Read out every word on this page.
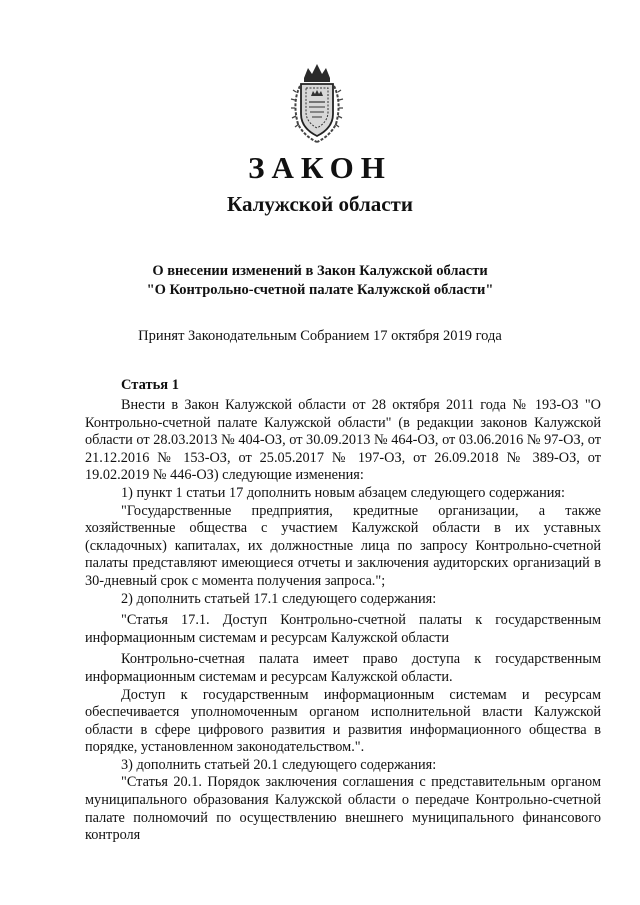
ЗАКОН
Калужской области
О внесении изменений в Закон Калужской области
"О Контрольно-счетной палате Калужской области"
Принят Законодательным Собранием 17 октября 2019 года
Статья 1

Внести в Закон Калужской области от 28 октября 2011 года № 193-ОЗ "О Контрольно-счетной палате Калужской области" (в редакции законов Калужской области от 28.03.2013 № 404-ОЗ, от 30.09.2013 № 464-ОЗ, от 03.06.2016 № 97-ОЗ, от 21.12.2016 № 153-ОЗ, от 25.05.2017 № 197-ОЗ, от 26.09.2018 № 389-ОЗ, от 19.02.2019 № 446-ОЗ) следующие изменения:

1) пункт 1 статьи 17 дополнить новым абзацем следующего содержания:

"Государственные предприятия, кредитные организации, а также хозяйственные общества с участием Калужской области в их уставных (складочных) капиталах, их должностные лица по запросу Контрольно-счетной палаты представляют имеющиеся отчеты и заключения аудиторских организаций в 30-дневный срок с момента получения запроса.";

2) дополнить статьей 17.1 следующего содержания:

"Статья 17.1. Доступ Контрольно-счетной палаты к государственным информационным системам и ресурсам Калужской области

Контрольно-счетная палата имеет право доступа к государственным информационным системам и ресурсам Калужской области.

Доступ к государственным информационным системам и ресурсам обеспечивается уполномоченным органом исполнительной власти Калужской области в сфере цифрового развития и развития информационного общества в порядке, установленном законодательством.".

3) дополнить статьей 20.1 следующего содержания:

"Статья 20.1. Порядок заключения соглашения с представительным органом муниципального образования Калужской области о передаче Контрольно-счетной палате полномочий по осуществлению внешнего муниципального финансового контроля
